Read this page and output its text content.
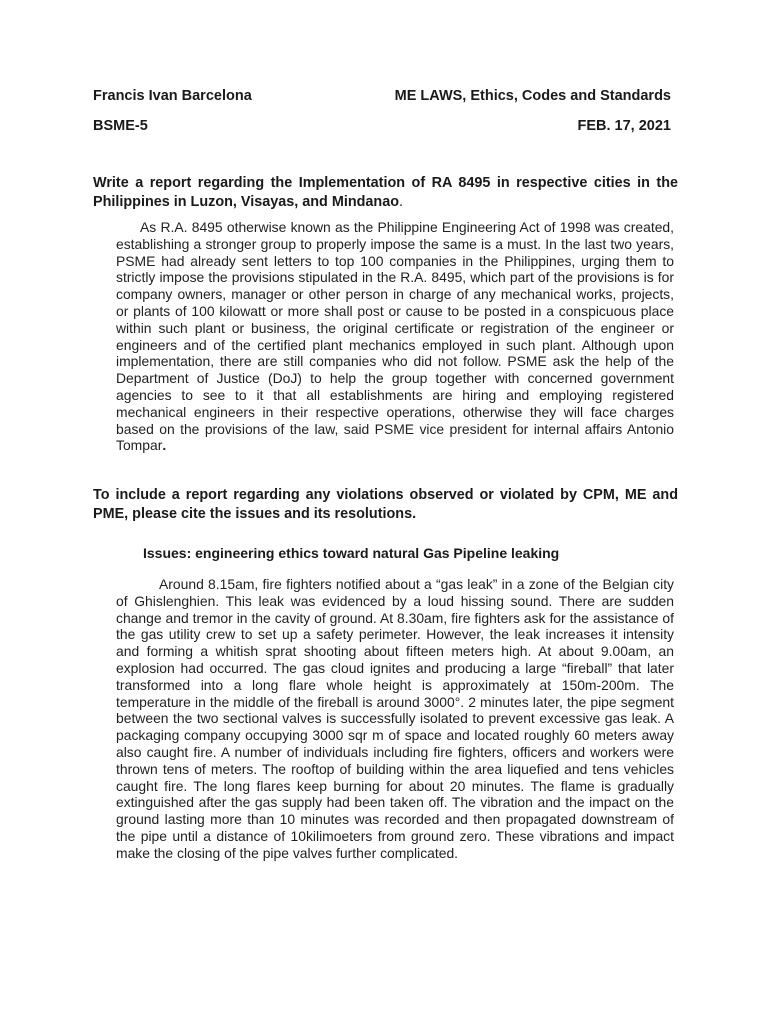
Francis Ivan Barcelona	ME LAWS, Ethics, Codes and Standards
BSME-5	FEB. 17, 2021
Write a report regarding the Implementation of RA 8495 in respective cities in the Philippines in Luzon, Visayas, and Mindanao.
As R.A. 8495 otherwise known as the Philippine Engineering Act of 1998 was created, establishing a stronger group to properly impose the same is a must. In the last two years, PSME had already sent letters to top 100 companies in the Philippines, urging them to strictly impose the provisions stipulated in the R.A. 8495, which part of the provisions is for company owners, manager or other person in charge of any mechanical works, projects, or plants of 100 kilowatt or more shall post or cause to be posted in a conspicuous place within such plant or business, the original certificate or registration of the engineer or engineers and of the certified plant mechanics employed in such plant. Although upon implementation, there are still companies who did not follow. PSME ask the help of the Department of Justice (DoJ) to help the group together with concerned government agencies to see to it that all establishments are hiring and employing registered mechanical engineers in their respective operations, otherwise they will face charges based on the provisions of the law, said PSME vice president for internal affairs Antonio Tompar.
To include a report regarding any violations observed or violated by CPM, ME and PME, please cite the issues and its resolutions.
Issues: engineering ethics toward natural Gas Pipeline leaking
Around 8.15am, fire fighters notified about a “gas leak” in a zone of the Belgian city of Ghislenghien. This leak was evidenced by a loud hissing sound. There are sudden change and tremor in the cavity of ground. At 8.30am, fire fighters ask for the assistance of the gas utility crew to set up a safety perimeter. However, the leak increases it intensity and forming a whitish sprat shooting about fifteen meters high. At about 9.00am, an explosion had occurred. The gas cloud ignites and producing a large “fireball” that later transformed into a long flare whole height is approximately at 150m-200m. The temperature in the middle of the fireball is around 3000°. 2 minutes later, the pipe segment between the two sectional valves is successfully isolated to prevent excessive gas leak. A packaging company occupying 3000 sqr m of space and located roughly 60 meters away also caught fire. A number of individuals including fire fighters, officers and workers were thrown tens of meters. The rooftop of building within the area liquefied and tens vehicles caught fire. The long flares keep burning for about 20 minutes. The flame is gradually extinguished after the gas supply had been taken off. The vibration and the impact on the ground lasting more than 10 minutes was recorded and then propagated downstream of the pipe until a distance of 10kilimoeters from ground zero. These vibrations and impact make the closing of the pipe valves further complicated.
